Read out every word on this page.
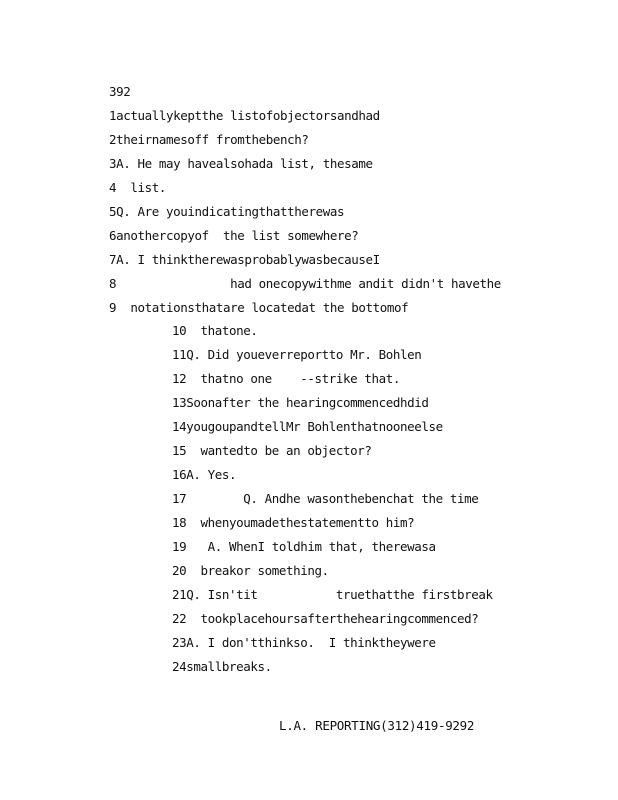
392
1actuallykeptthe listofobjectorsandhad
2theirnamesoff fromthebench?
3A. He may havealsohada list, thesame
4  list.
5Q. Are youindicatingthattherewas
6anothercopyof  the list somewhere?
7A. I thinktherewasprobablywasbecauseI
8                had onecopywithme andit didn't havethe
9  notationsthatare locatedat the bottomof
10  thatone.
11Q. Did youeverreportto Mr. Bohlen
12  thatno one    --strike that.
13Soonafter the hearingcommencedhdid
14yougoupandtellMr Bohlenthatnooneelse
15  wantedto be an objector?
16A. Yes.
17        Q. Andhe wasonthebenchat the time
18  whenyoumadethestatementto him?
19   A. WhenI toldhim that, therewasa
20  breakor something.
21Q. Isn'tit           truethatthe firstbreak
22  tookplacehoursafterthehearingcommenced?
23A. I don'tthinkso.  I thinktheywere
24smallbreaks.
L.A. REPORTING(312)419-9292
